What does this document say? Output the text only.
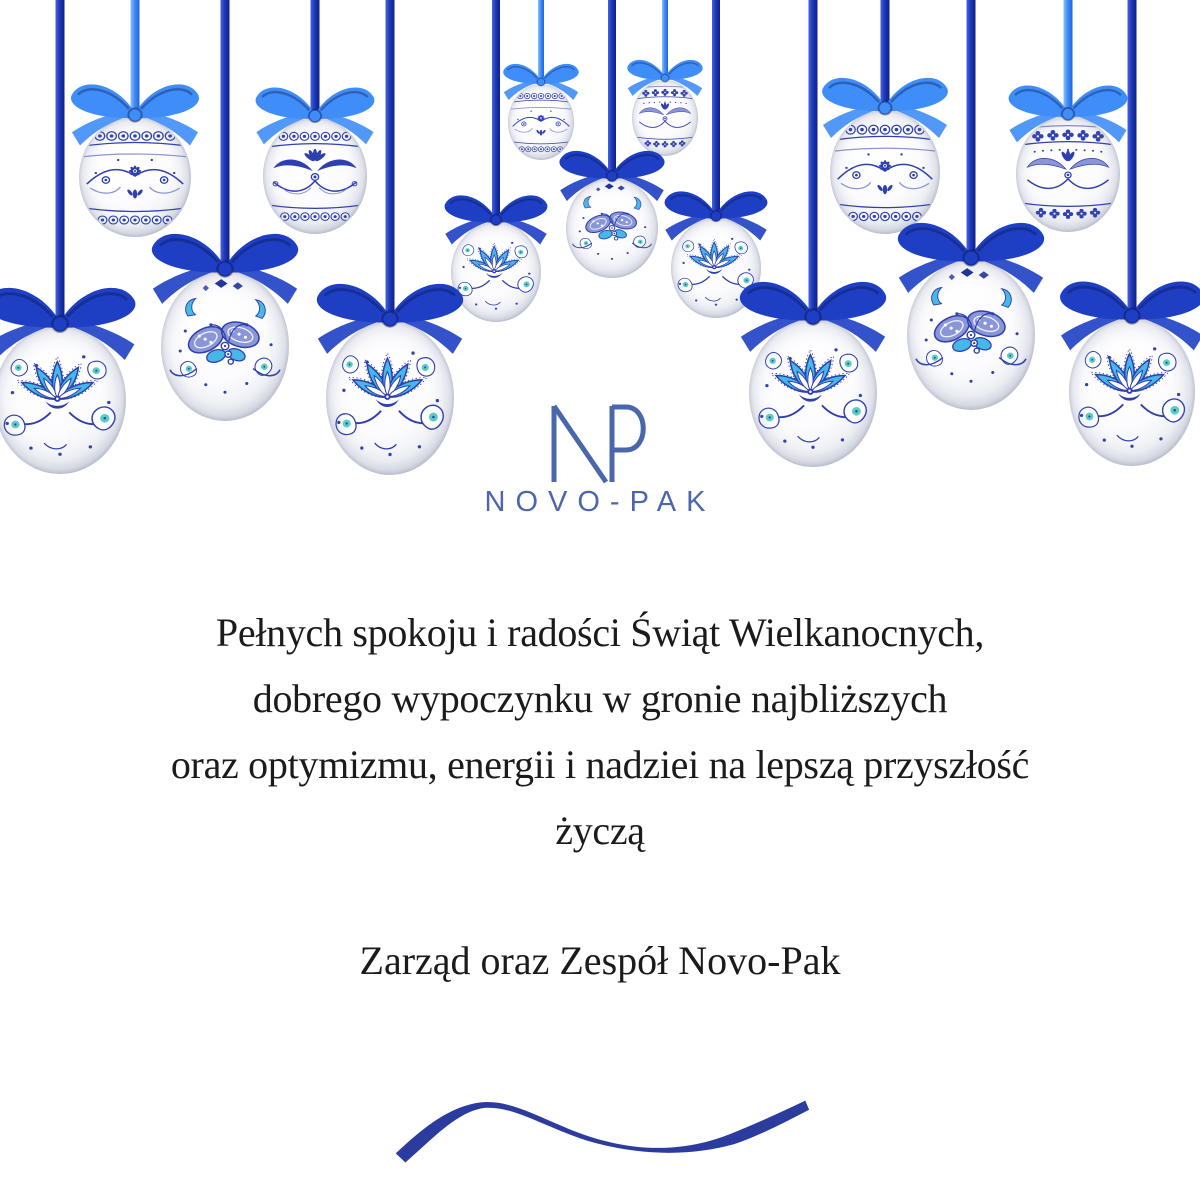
NOVO-PAK

Pełnych spokoju i radości Świąt Wielkanocnych,

dobrego wypoczynku w gronie najbliższych

oraz optymizmu, energii i nadziei na lepszą przyszłość

życzą

Zarząd oraz Zespół Novo-Pak
